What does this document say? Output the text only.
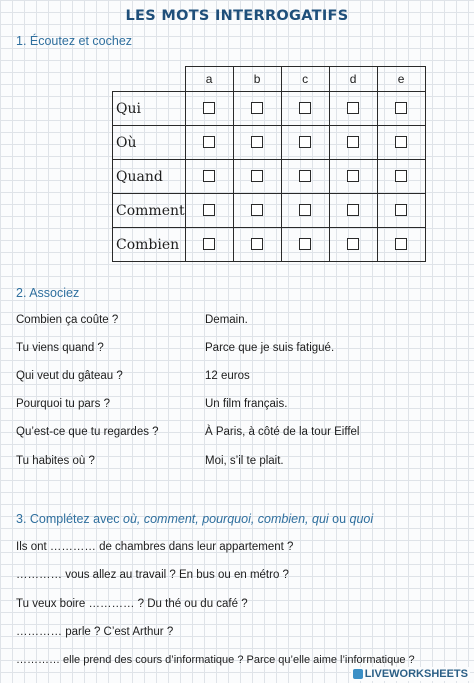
LES MOTS INTERROGATIFS
1. Écoutez et cochez
	a	b	c	d	e
Qui					
Où					
Quand					
Comment					
Combien					
2. Associez
Combien ça coûte ?	Demain.
Tu viens quand ?	Parce que je suis fatigué.
Qui veut du gâteau ?	12 euros
Pourquoi tu pars ?	Un film français.
Qu’est-ce que tu regardes ?	À Paris, à côté de la tour Eiffel
Tu habites où ?	Moi, s’il te plait.
3. Complétez avec où, comment, pourquoi, combien, qui ou quoi
Ils ont ………… de chambres dans leur appartement ?
………… vous allez au travail ? En bus ou en métro ?
Tu veux boire ………… ? Du thé ou du café ?
………… parle ? C’est Arthur ?
………… elle prend des cours d’informatique ? Parce qu’elle aime l’informatique ?
LIVEWORKSHEETS
